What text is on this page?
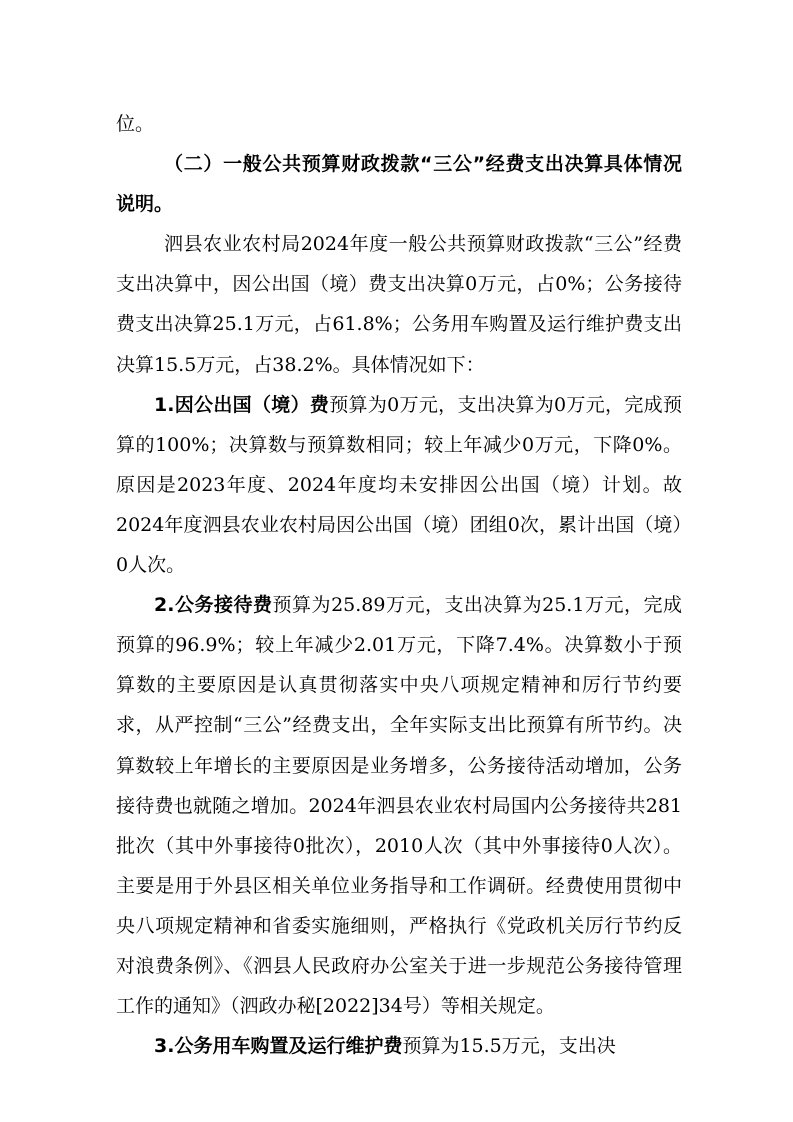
位。

（二）一般公共预算财政拨款“三公”经费支出决算具体情况说明。

泗县农业农村局2024年度一般公共预算财政拨款“三公”经费支出决算中，因公出国（境）费支出决算0万元，占0%；公务接待费支出决算25.1万元，占61.8%；公务用车购置及运行维护费支出决算15.5万元，占38.2%。具体情况如下：

1.因公出国（境）费预算为0万元，支出决算为0万元，完成预算的100%；决算数与预算数相同；较上年减少0万元，下降0%。原因是2023年度、2024年度均未安排因公出国（境）计划。故2024年度泗县农业农村局因公出国（境）团组0次，累计出国（境）0人次。

2.公务接待费预算为25.89万元，支出决算为25.1万元，完成预算的96.9%；较上年减少2.01万元，下降7.4%。决算数小于预算数的主要原因是认真贯彻落实中央八项规定精神和厉行节约要求，从严控制“三公”经费支出，全年实际支出比预算有所节约。决算数较上年增长的主要原因是业务增多，公务接待活动增加，公务接待费也就随之增加。2024年泗县农业农村局国内公务接待共281批次（其中外事接待0批次），2010人次（其中外事接待0人次）。主要是用于外县区相关单位业务指导和工作调研。经费使用贯彻中央八项规定精神和省委实施细则，严格执行《党政机关厉行节约反对浪费条例》、《泗县人民政府办公室关于进一步规范公务接待管理工作的通知》（泗政办秘[2022]34号）等相关规定。

3.公务用车购置及运行维护费预算为15.5万元，支出决
